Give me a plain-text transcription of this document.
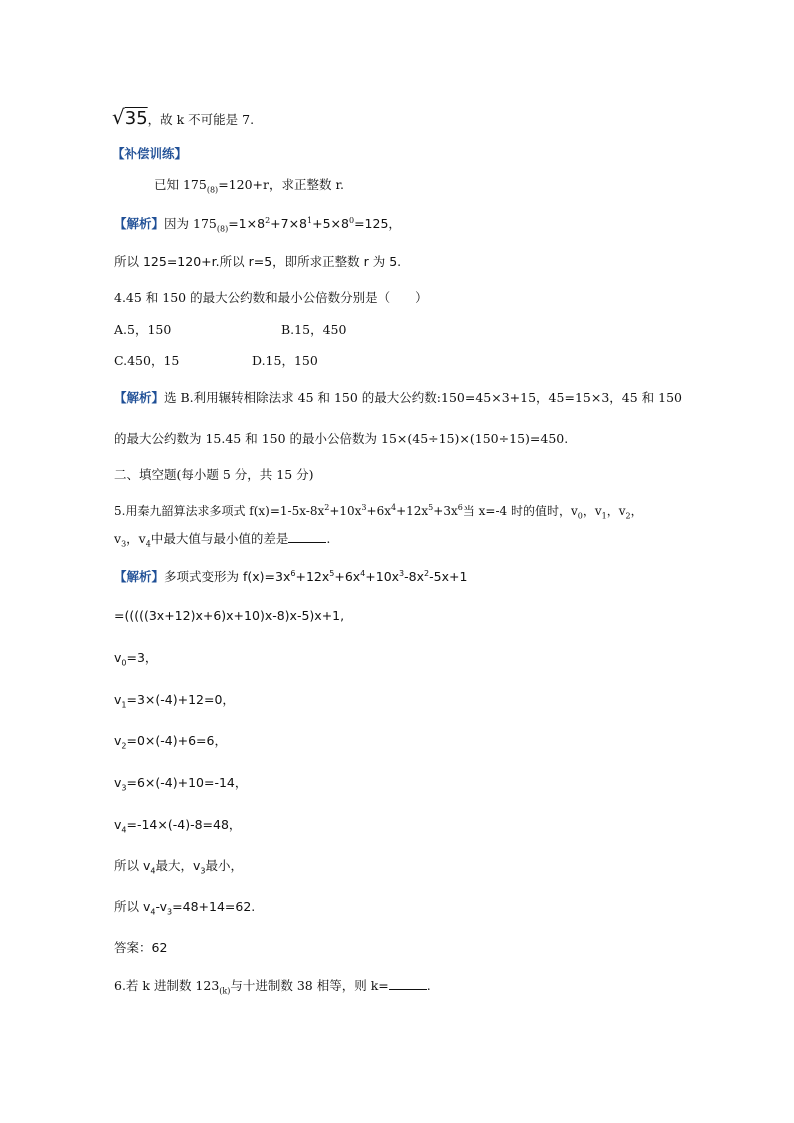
√35，故 k 不可能是 7.
【补偿训练】
已知 $175_{(8)}=120+r$，求正整数 r.
【解析】因为 $175_{(8)}=1\times 8^2+7\times 8^1+5\times 8^0=125$，
所以 125=120+r.所以 r=5，即所求正整数 r 为 5.
4.45 和 150 的最大公约数和最小公倍数分别是（　　）
A.5，150	B.15，450
C.450，15	D.15，150
【解析】选 B.利用辗转相除法求 45 和 150 的最大公约数:150=45×3+15，45=15×3，45 和 150
的最大公约数为 15.45 和 150 的最小公倍数为 15×(45÷15)×(150÷15)=450.
二、填空题(每小题 5 分，共 15 分)
5.用秦九韶算法求多项式 $f(x)=1-5x-8x^2+10x^3+6x^4+12x^5+3x^6$当 x=-4 时的值时，$v_0$，$v_1$，$v_2$，
$v_3$，$v_4$中最大值与最小值的差是	.
【解析】多项式变形为 $f(x)=3x^6+12x^5+6x^4+10x^3-8x^2-5x+1$
=(((((3x+12)x+6)x+10)x-8)x-5)x+1,
$v_0=3$，
$v_1=3\times(-4)+12=0$，
$v_2=0\times(-4)+6=6$，
$v_3=6\times(-4)+10=-14$，
$v_4=-14\times(-4)-8=48$，
所以 $v_4$最大，$v_3$最小，
所以 $v_4-v_3=48+14=62$.
答案：62
6.若 k 进制数 $123_{(k)}$与十进制数 38 相等，则 k=	.
